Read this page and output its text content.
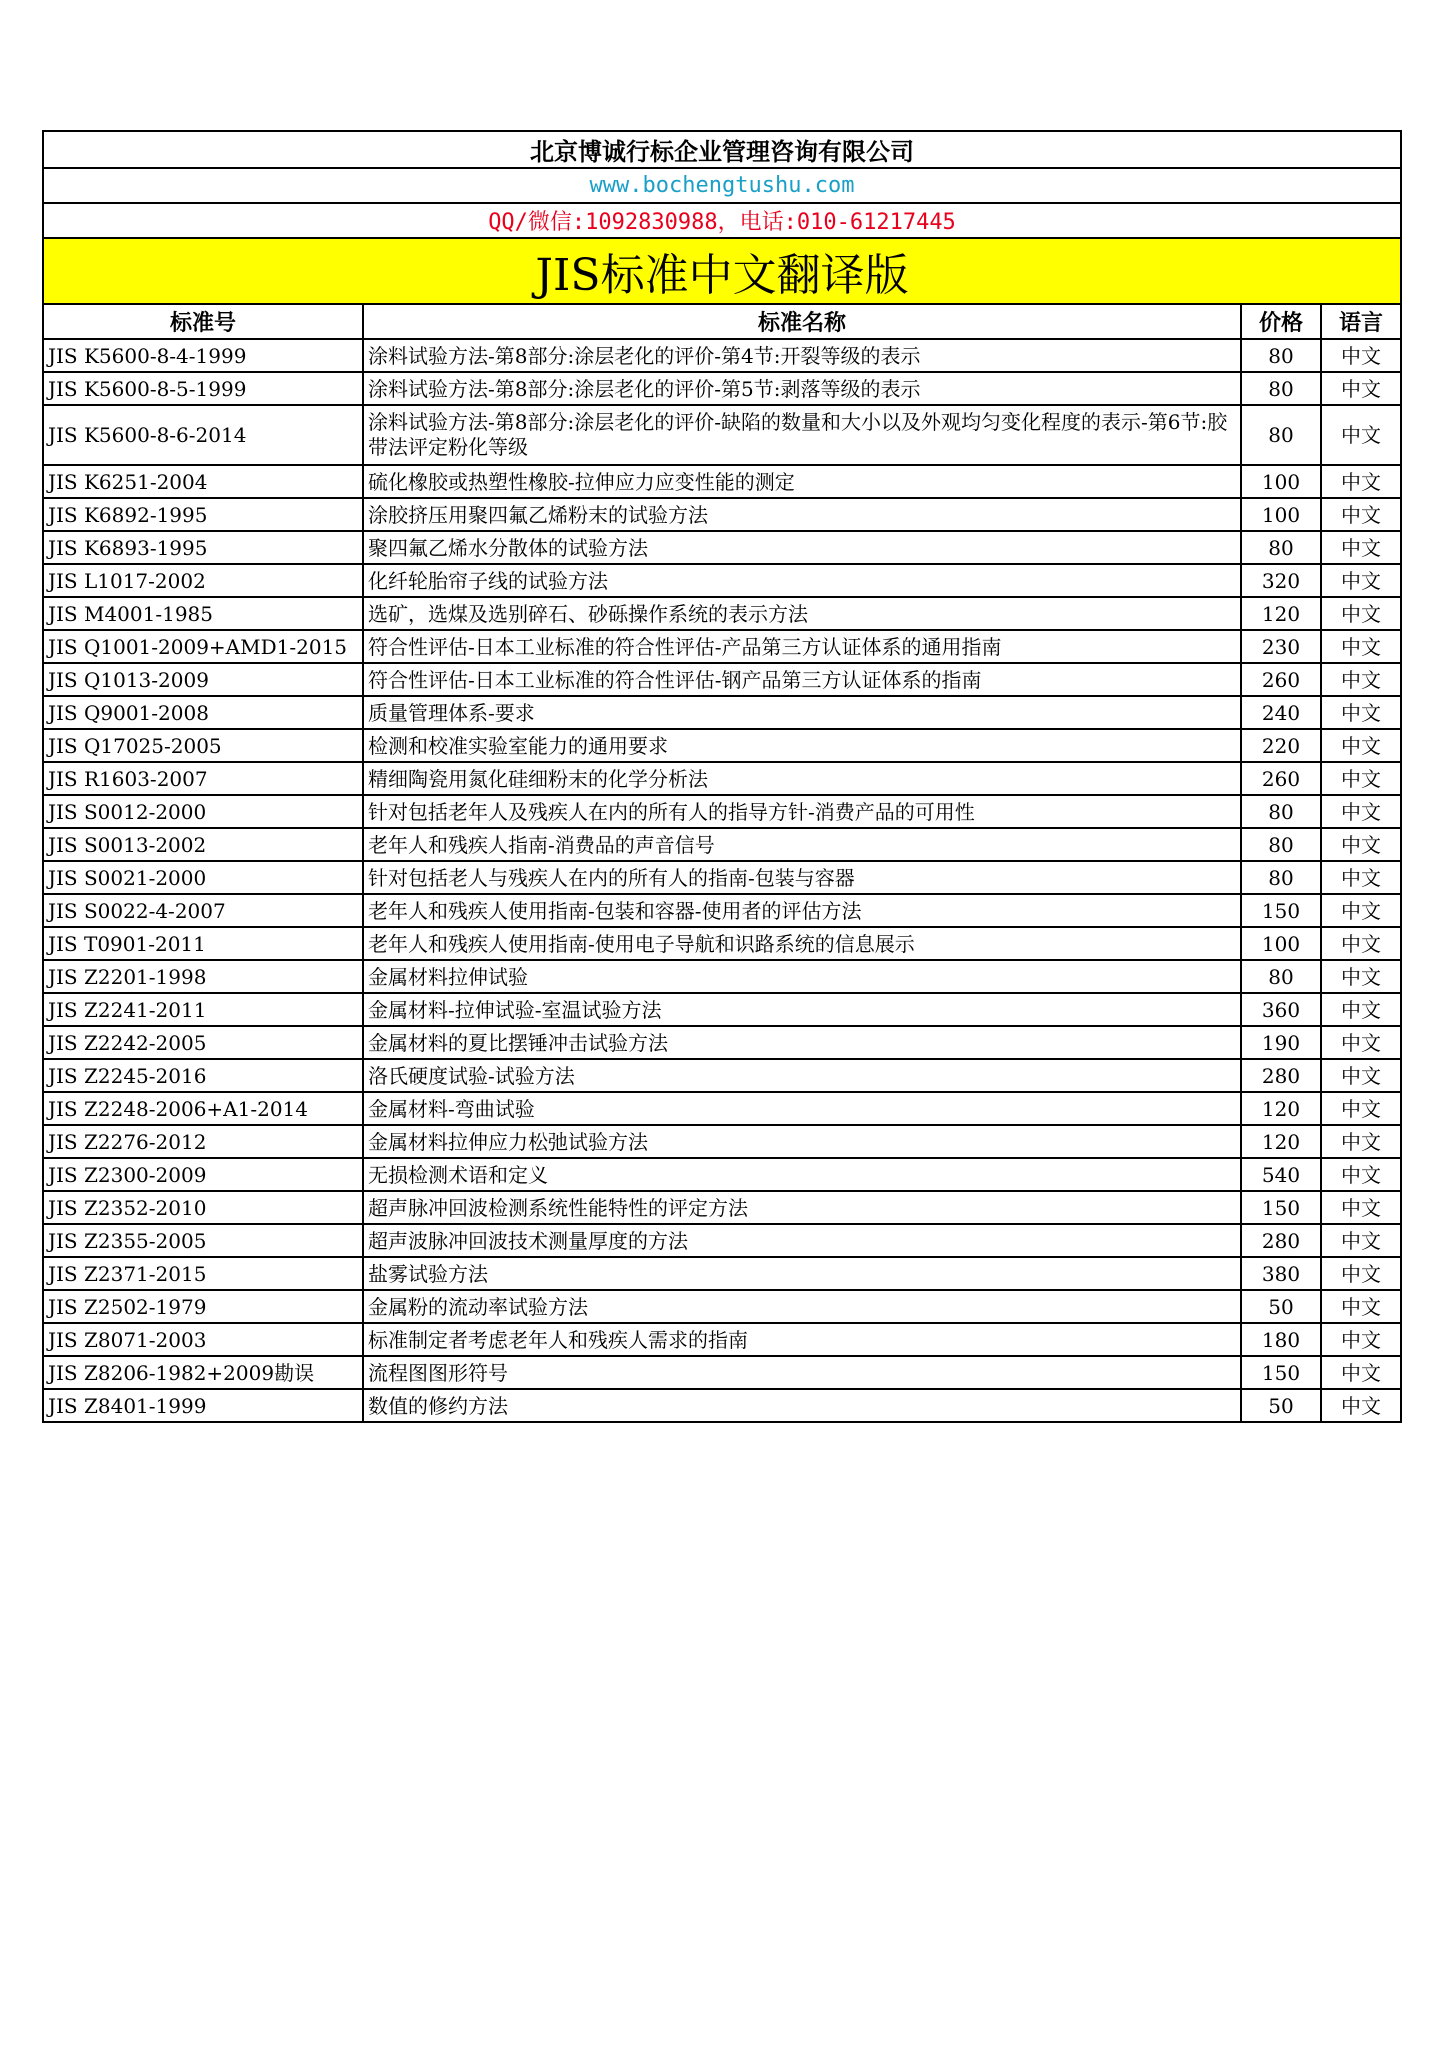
北京博诚行标企业管理咨询有限公司			
www.bochengtushu.com			
QQ/微信:1092830988，电话:010-61217445			
JIS标准中文翻译版			
标准号	标准名称	价格	语言
JIS K5600-8-4-1999	涂料试验方法-第8部分:涂层老化的评价-第4节:开裂等级的表示	80	中文
JIS K5600-8-5-1999	涂料试验方法-第8部分:涂层老化的评价-第5节:剥落等级的表示	80	中文
JIS K5600-8-6-2014	涂料试验方法-第8部分:涂层老化的评价-缺陷的数量和大小以及外观均匀变化程度的表示-第6节:胶带法评定粉化等级	80	中文
JIS K6251-2004	硫化橡胶或热塑性橡胶-拉伸应力应变性能的测定	100	中文
JIS K6892-1995	涂胶挤压用聚四氟乙烯粉末的试验方法	100	中文
JIS K6893-1995	聚四氟乙烯水分散体的试验方法	80	中文
JIS L1017-2002	化纤轮胎帘子线的试验方法	320	中文
JIS M4001-1985	选矿，选煤及选别碎石、砂砾操作系统的表示方法	120	中文
JIS Q1001-2009+AMD1-2015	符合性评估-日本工业标准的符合性评估-产品第三方认证体系的通用指南	230	中文
JIS Q1013-2009	符合性评估-日本工业标准的符合性评估-钢产品第三方认证体系的指南	260	中文
JIS Q9001-2008	质量管理体系-要求	240	中文
JIS Q17025-2005	检测和校准实验室能力的通用要求	220	中文
JIS R1603-2007	精细陶瓷用氮化硅细粉末的化学分析法	260	中文
JIS S0012-2000	针对包括老年人及残疾人在内的所有人的指导方针-消费产品的可用性	80	中文
JIS S0013-2002	老年人和残疾人指南-消费品的声音信号	80	中文
JIS S0021-2000	针对包括老人与残疾人在内的所有人的指南-包装与容器	80	中文
JIS S0022-4-2007	老年人和残疾人使用指南-包装和容器-使用者的评估方法	150	中文
JIS T0901-2011	老年人和残疾人使用指南-使用电子导航和识路系统的信息展示	100	中文
JIS Z2201-1998	金属材料拉伸试验	80	中文
JIS Z2241-2011	金属材料-拉伸试验-室温试验方法	360	中文
JIS Z2242-2005	金属材料的夏比摆锤冲击试验方法	190	中文
JIS Z2245-2016	洛氏硬度试验-试验方法	280	中文
JIS Z2248-2006+A1-2014	金属材料-弯曲试验	120	中文
JIS Z2276-2012	金属材料拉伸应力松弛试验方法	120	中文
JIS Z2300-2009	无损检测术语和定义	540	中文
JIS Z2352-2010	超声脉冲回波检测系统性能特性的评定方法	150	中文
JIS Z2355-2005	超声波脉冲回波技术测量厚度的方法	280	中文
JIS Z2371-2015	盐雾试验方法	380	中文
JIS Z2502-1979	金属粉的流动率试验方法	50	中文
JIS Z8071-2003	标准制定者考虑老年人和残疾人需求的指南	180	中文
JIS Z8206-1982+2009勘误	流程图图形符号	150	中文
JIS Z8401-1999	数值的修约方法	50	中文
